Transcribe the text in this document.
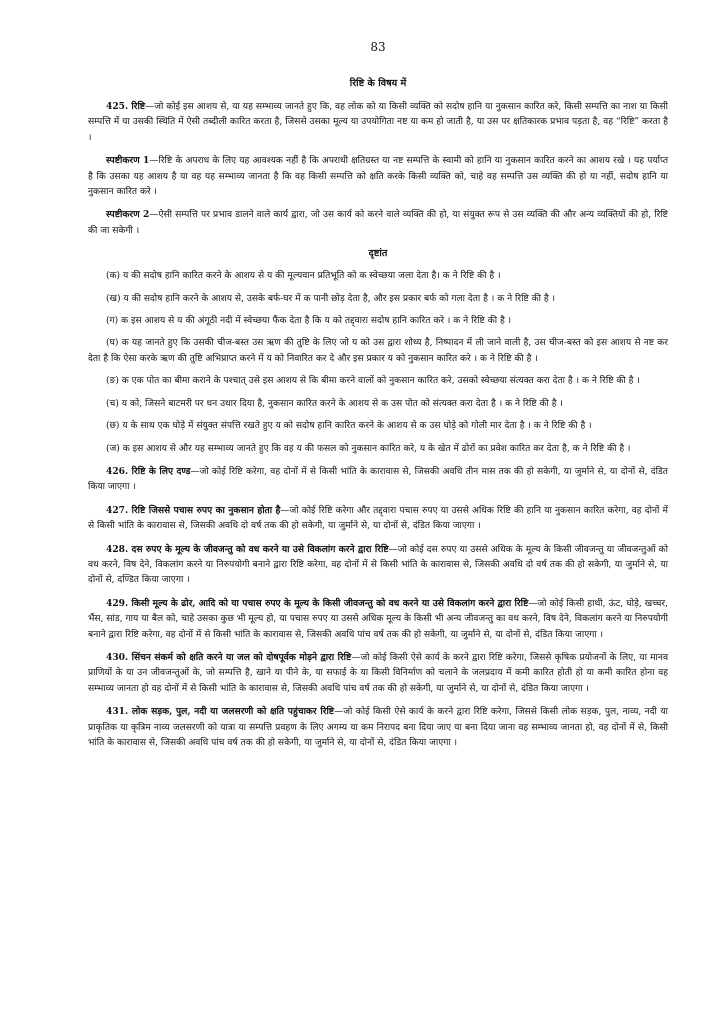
83
रिष्टि के विषय में

425. रिष्टि—जो कोई इस आशय से, या यह सम्भाव्य जानते हुए कि, वह लोक को या किसी व्यक्ति को सदोष हानि या नुकसान कारित करे, किसी सम्पत्ति का नाश या किसी सम्पत्ति में या उसकी स्थिति में ऐसी तब्दीली कारित करता है, जिससे उसका मूल्य या उपयोगिता नष्ट या कम हो जाती है, या उस पर क्षतिकारक प्रभाव पड़ता है, वह “रिष्टि” करता है ।

स्पष्टीकरण 1—रिष्टि के अपराध के लिए यह आवश्यक नहीं है कि अपराधी क्षतिग्रस्त या नष्ट सम्पत्ति के स्वामी को हानि या नुकसान कारित करने का आशय रखे । यह पर्याप्त है कि उसका यह आशय है या वह यह सम्भाव्य जानता है कि वह किसी सम्पत्ति को क्षति करके किसी व्यक्ति को, चाहे वह सम्पत्ति उस व्यक्ति की हो या नहीं, सदोष हानि या नुकसान कारित करे ।

स्पष्टीकरण 2—ऐसी सम्पत्ति पर प्रभाव डालने वाले कार्य द्वारा, जो उस कार्य को करने वाले व्यक्ति की हो, या संयुक्त रूप से उस व्यक्ति की और अन्य व्यक्तियों की हो, रिष्टि की जा सकेगी ।

दृष्टांत

(क) य की सदोष हानि कारित करने के आशय से य की मूल्यवान प्रतिभूति को क स्वेच्छया जला देता है। क ने रिष्टि की है ।

(ख) य की सदोष हानि करने के आशय से, उसके बर्फ-घर में क पानी छोड़ देता है, और इस प्रकार बर्फ को गला देता है । क ने रिष्टि की है ।

(ग) क इस आशय से य की अंगूठी नदी में स्वेच्छया फैंक देता है कि य को तद्द्वारा सदोष हानि कारित करे । क ने रिष्टि की है ।

(घ) क यह जानते हुए कि उसकी चीज-बस्त उस ऋण की तुष्टि के लिए जो य को उस द्वारा शोध्य है, निष्पादन में ली जाने वाली है, उस चीज-बस्त को इस आशय से नष्ट कर देता है कि ऐसा करके ऋण की तुष्टि अभिप्राप्त करने में य को निवारित कर दे और इस प्रकार य को नुकसान कारित करे । क ने रिष्टि की है ।

(ङ) क एक पोत का बीमा कराने के पश्चात् उसे इस आशय से कि बीमा करने वालों को नुकसान कारित करे, उसको स्वेच्छया संत्यक्त करा देता है । क ने रिष्टि की है ।

(च) य को, जिसने बाटमरी पर धन उधार दिया है, नुकसान कारित करने के आशय से क उस पोत को संत्यक्त करा देता है । क ने रिष्टि की है ।

(छ) य के साथ एक घोड़े में संयुक्त संपत्ति रखते हुए य को सदोष हानि कारित करने के आशय से क उस घोड़े को गोली मार देता है । क ने रिष्टि की है ।

(ज) क इस आशय से और यह सम्भाव्य जानते हुए कि वह य की फसल को नुकसान कारित करे, य के खेत में ढोरों का प्रवेश कारित कर देता है, क ने रिष्टि की है ।

426. रिष्टि के लिए दण्ड—जो कोई रिष्टि करेगा, वह दोनों में से किसी भांति के कारावास से, जिसकी अवधि तीन मास तक की हो सकेगी, या जुर्माने से, या दोनों से, दंडित किया जाएगा ।

427. रिष्टि जिससे पचास रुपए का नुकसान होता है—जो कोई रिष्टि करेगा और तद्द्वारा पचास रुपए या उससे अधिक रिष्टि की हानि या नुकसान कारित करेगा, वह दोनों में से किसी भांति के कारावास से, जिसकी अवधि दो वर्ष तक की हो सकेगी, या जुर्माने से, या दोनों से, दंडित किया जाएगा ।

428. दस रुपए के मूल्य के जीवजन्तु को वध करने या उसे विकलांग करने द्वारा रिष्टि—जो कोई दस रुपए या उससे अधिक के मूल्य के किसी जीवजन्तु या जीवजन्तुओं को वध करने, विष देने, विकलांग करने या निरुपयोगी बनाने द्वारा रिष्टि करेगा, वह दोनों में से किसी भांति के कारावास से, जिसकी अवधि दो वर्ष तक की हो सकेगी, या जुर्माने से, या दोनों से, दण्डित किया जाएगा ।

429. किसी मूल्य के ढोर, आदि को या पचास रुपए के मूल्य के किसी जीवजन्तु को वध करने या उसे विकलांग करने द्वारा रिष्टि—जो कोई किसी हाथी, ऊंट, घोड़े, खच्चर, भैंस, सांड, गाय या बैल को, चाहे उसका कुछ भी मूल्य हो, या पचास रुपए या उससे अधिक मूल्य के किसी भी अन्य जीवजन्तु का वध करने, विष देने, विकलांग करने या निरुपयोगी बनाने द्वारा रिष्टि करेगा, वह दोनों में से किसी भांति के कारावास से, जिसकी अवधि पांच वर्ष तक की हो सकेगी, या जुर्माने से, या दोनों से, दंडित किया जाएगा ।

430. सिंचन संकर्म को क्षति करने या जल को दोषपूर्वक मोड़ने द्वारा रिष्टि—जो कोई किसी ऐसे कार्य के करने द्वारा रिष्टि करेगा, जिससे कृषिक प्रयोजनों के लिए, या मानव प्राणियों के या उन जीवजन्तुओं के, जो सम्पत्ति है, खाने या पीने के, या सफाई के या किसी विनिर्माण को चलाने के जलप्रदाय में कमी कारित होती हो या कमी कारित होना वह सम्भाव्य जानता हो वह दोनों में से किसी भांति के कारावास से, जिसकी अवधि पांच वर्ष तक की हो सकेगी, या जुर्माने से, या दोनों से, दंडित किया जाएगा ।

431. लोक सड़क, पुल, नदी या जलसरणी को क्षति पहुंचाकर रिष्टि—जो कोई किसी ऐसे कार्य के करने द्वारा रिष्टि करेगा, जिससे किसी लोक सड़क, पुल, नाव्य, नदी या प्राकृतिक या कृत्रिम नाव्य जलसरणी को यात्रा या सम्पत्ति प्रवहण के लिए अगम्य या कम निरापद बना दिया जाए या बना दिया जाना वह सम्भाव्य जानता हो, वह दोनों में से, किसी भांति के कारावास से, जिसकी अवधि पांच वर्ष तक की हो सकेगी, या जुर्माने से, या दोनों से, दंडित किया जाएगा ।
